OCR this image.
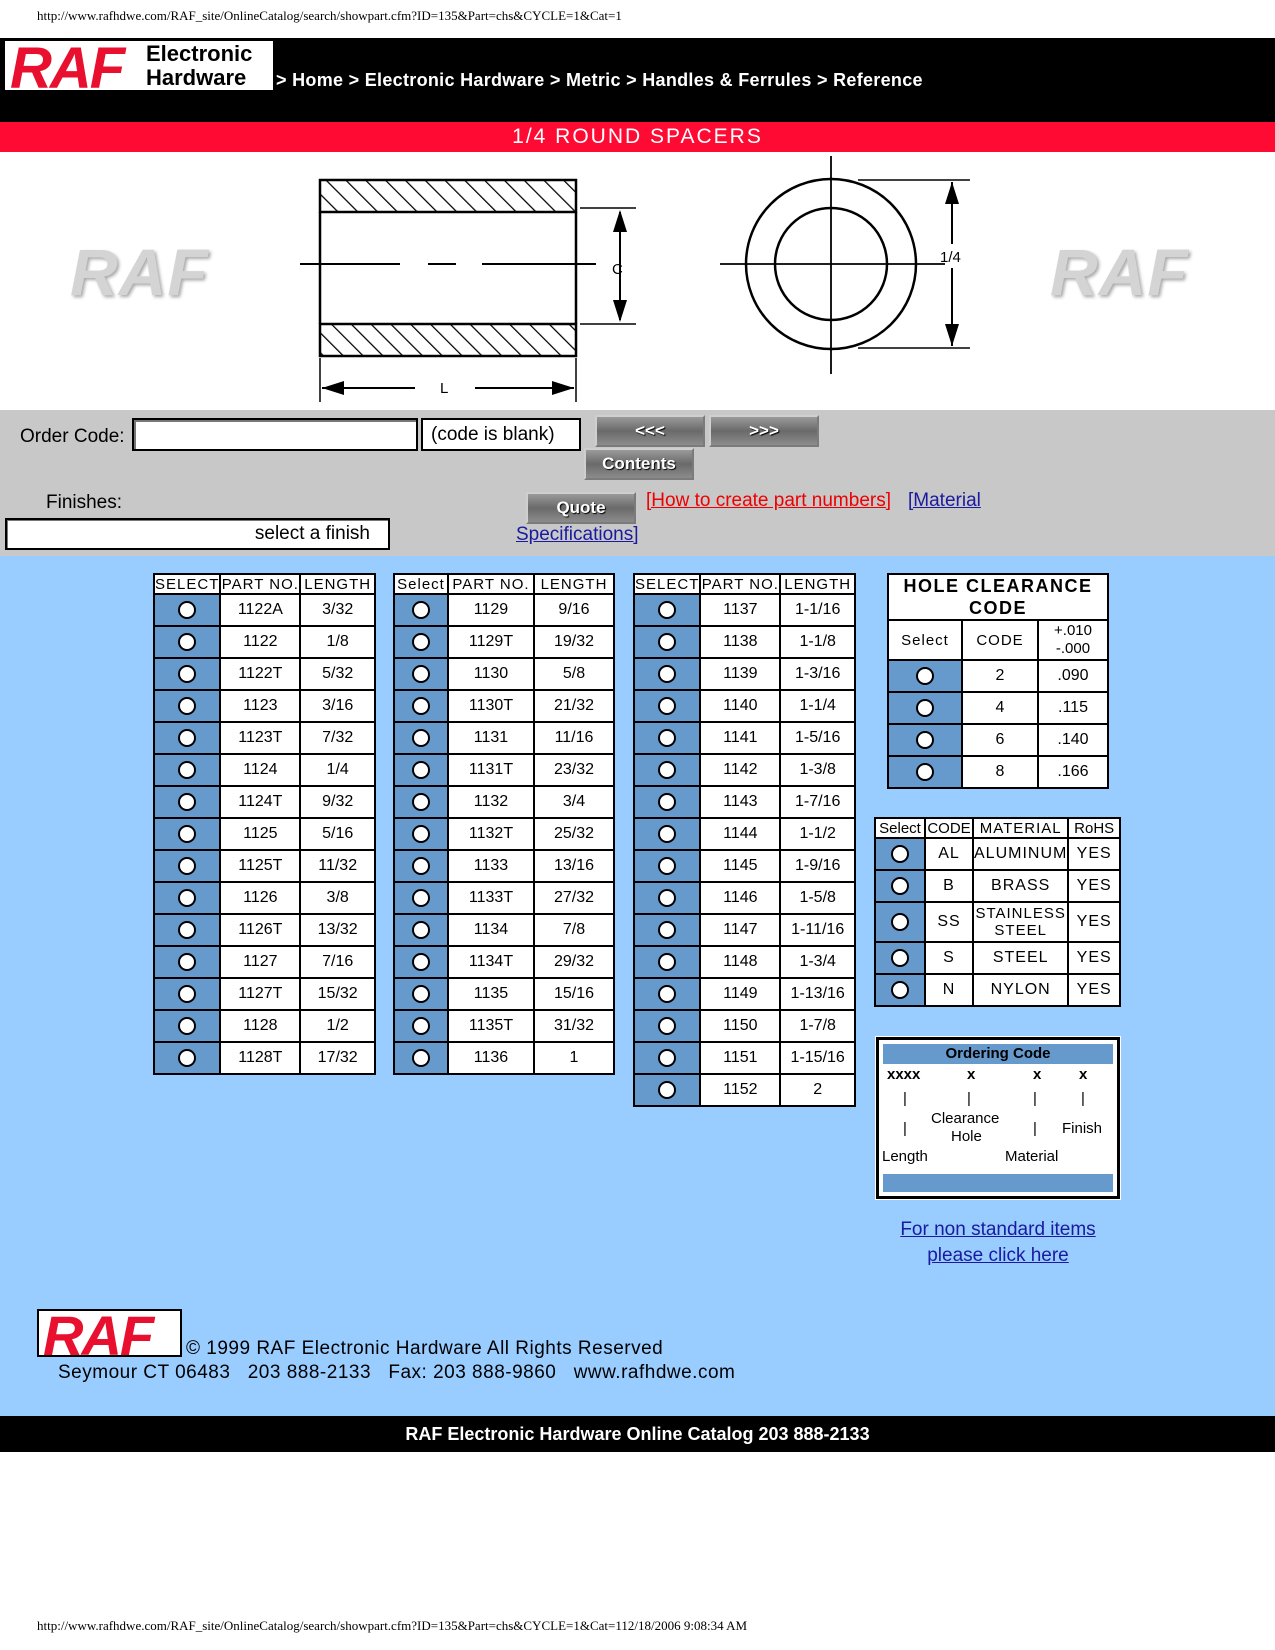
http://www.rafhdwe.com/RAF_site/OnlineCatalog/search/showpart.cfm?ID=135&Part=chs&CYCLE=1&Cat=1
RAF Electronic
Hardware	> Home > Electronic Hardware > Metric > Handles & Ferrules > Reference
1/4 ROUND SPACERS
RAF	RAF
C
L
1/4
Order Code:	(code is blank)	<<<	>>>
Contents
Finishes:
select a finish
Quote	[How to create part numbers] [Material
Specifications]
SELECT	PART NO.	LENGTH
	1122A	3/32
	1122	1/8
	1122T	5/32
	1123	3/16
	1123T	7/32
	1124	1/4
	1124T	9/32
	1125	5/16
	1125T	11/32
	1126	3/8
	1126T	13/32
	1127	7/16
	1127T	15/32
	1128	1/2
	1128T	17/32
Select	PART NO.	LENGTH
	1129	9/16
	1129T	19/32
	1130	5/8
	1130T	21/32
	1131	11/16
	1131T	23/32
	1132	3/4
	1132T	25/32
	1133	13/16
	1133T	27/32
	1134	7/8
	1134T	29/32
	1135	15/16
	1135T	31/32
	1136	1
SELECT	PART NO.	LENGTH
	1137	1-1/16
	1138	1-1/8
	1139	1-3/16
	1140	1-1/4
	1141	1-5/16
	1142	1-3/8
	1143	1-7/16
	1144	1-1/2
	1145	1-9/16
	1146	1-5/8
	1147	1-11/16
	1148	1-3/4
	1149	1-13/16
	1150	1-7/8
	1151	1-15/16
	1152	2
HOLE CLEARANCE CODE		
Select	CODE	+.010
-.000
	2	.090
	4	.115
	6	.140
	8	.166
Select	CODE	MATERIAL	RoHS
	AL	ALUMINUM	YES
	B	BRASS	YES
	SS	STAINLESS STEEL	YES
	S	STEEL	YES
	N	NYLON	YES
Ordering Code
xxxx	x	x	x
|	|	|	|
|	|
Clearance
Hole	Finish
Length	Material
For non standard items
please click here
RAF © 1999 RAF Electronic Hardware All Rights Reserved
Seymour CT 06483   203 888-2133   Fax: 203 888-9860   www.rafhdwe.com
RAF Electronic Hardware Online Catalog 203 888-2133
http://www.rafhdwe.com/RAF_site/OnlineCatalog/search/showpart.cfm?ID=135&Part=chs&CYCLE=1&Cat=112/18/2006 9:08:34 AM
